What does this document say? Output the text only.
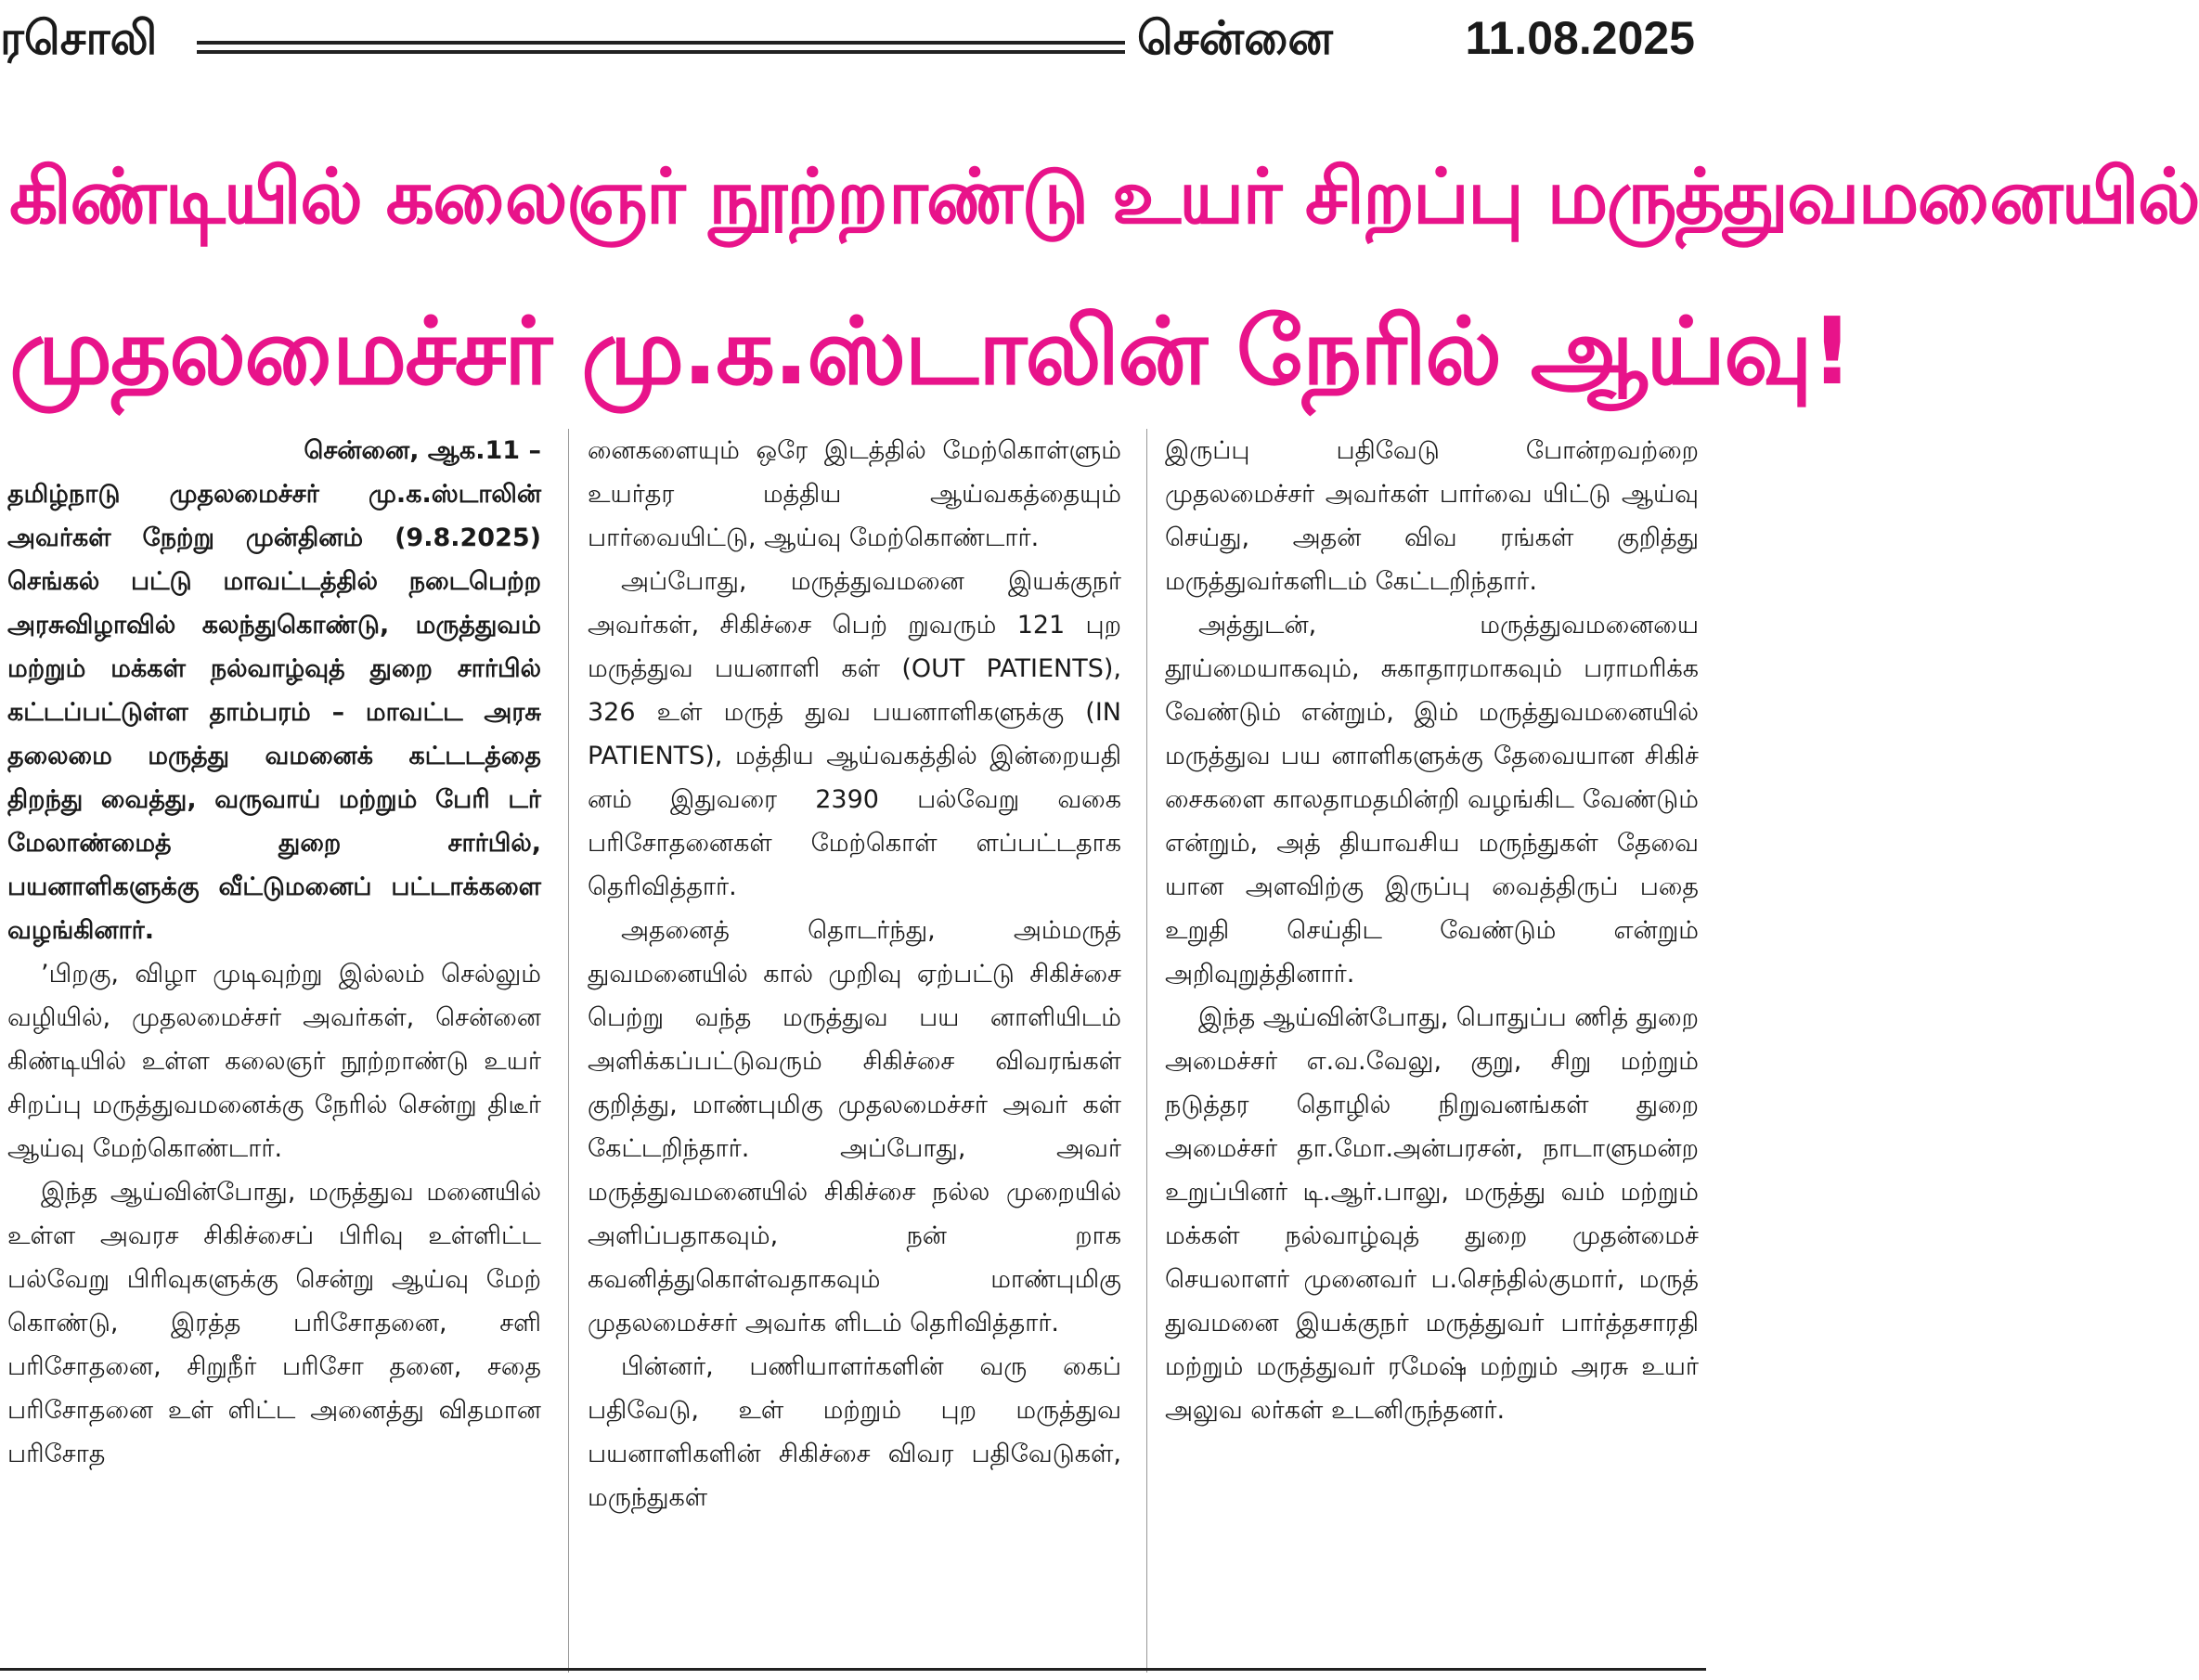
ரசொலி	சென்னை	11.08.2025
கிண்டியில் கலைஞர் நூற்றாண்டு உயர் சிறப்பு மருத்துவமனையில்
முதலமைச்சர் மு.க.ஸ்டாலின் நேரில் ஆய்வு!

சென்னை, ஆக.11 –
தமிழ்நாடு முதலமைச்சர் மு.க.ஸ்டாலின் அவர்கள் நேற்று முன்தினம் (9.8.2025) செங்கல் பட்டு மாவட்டத்தில் நடைபெற்ற அரசுவிழாவில் கலந்துகொண்டு, மருத்துவம் மற்றும் மக்கள் நல்வாழ்வுத் துறை சார்பில் கட்டப்பட்டுள்ள தாம்பரம் – மாவட்ட அரசு தலைமை மருத்து வமனைக் கட்டடத்தை திறந்து வைத்து, வருவாய் மற்றும் பேரி டர் மேலாண்மைத் துறை சார்பில், பயனாளிகளுக்கு வீட்டுமனைப் பட்டாக்களை வழங்கினார்.

’பிறகு, விழா முடிவுற்று இல்லம் செல்லும் வழியில், முதலமைச்சர் அவர்கள், சென்னை கிண்டியில் உள்ள கலைஞர் நூற்றாண்டு உயர் சிறப்பு மருத்துவமனைக்கு நேரில் சென்று திடீர் ஆய்வு மேற்கொண்டார்.

இந்த ஆய்வின்போது, மருத்துவ மனையில் உள்ள அவரச சிகிச்சைப் பிரிவு உள்ளிட்ட பல்வேறு பிரிவுகளுக்கு சென்று ஆய்வு மேற் கொண்டு, இரத்த பரிசோதனை, சளி பரிசோதனை, சிறுநீர் பரிசோ தனை, சதை பரிசோதனை உள் ளிட்ட அனைத்து விதமான பரிசோத

னைகளையும் ஒரே இடத்தில் மேற்கொள்ளும் உயர்தர மத்திய ஆய்வகத்தையும் பார்வையிட்டு, ஆய்வு மேற்கொண்டார்.

அப்போது, மருத்துவமனை இயக்குநர் அவர்கள், சிகிச்சை பெற் றுவரும் 121 புற மருத்துவ பயனாளி கள் (OUT PATIENTS), 326 உள் மருத் துவ பயனாளிகளுக்கு (IN PATIENTS), மத்திய ஆய்வகத்தில் இன்றையதி னம் இதுவரை 2390 பல்வேறு வகை பரிசோதனைகள் மேற்கொள் ளப்பட்டதாக தெரிவித்தார்.

அதனைத் தொடர்ந்து, அம்மருத் துவமனையில் கால் முறிவு ஏற்பட்டு சிகிச்சை பெற்று வந்த மருத்துவ பய னாளியிடம் அளிக்கப்பட்டுவரும் சிகிச்சை விவரங்கள் குறித்து, மாண்புமிகு முதலமைச்சர் அவர் கள் கேட்டறிந்தார். அப்போது, அவர் மருத்துவமனையில் சிகிச்சை நல்ல முறையில் அளிப்பதாகவும், நன் றாக கவனித்துகொள்வதாகவும் மாண்புமிகு முதலமைச்சர் அவர்க ளிடம் தெரிவித்தார்.

பின்னர், பணியாளர்களின் வரு கைப் பதிவேடு, உள் மற்றும் புற மருத்துவ பயனாளிகளின் சிகிச்சை விவர பதிவேடுகள், மருந்துகள்

இருப்பு பதிவேடு போன்றவற்றை முதலமைச்சர் அவர்கள் பார்வை யிட்டு ஆய்வு செய்து, அதன் விவ ரங்கள் குறித்து மருத்துவர்களிடம் கேட்டறிந்தார்.

அத்துடன், மருத்துவமனையை தூய்மையாகவும், சுகாதாரமாகவும் பராமரிக்க வேண்டும் என்றும், இம் மருத்துவமனையில் மருத்துவ பய னாளிகளுக்கு தேவையான சிகிச் சைகளை காலதாமதமின்றி வழங்கிட வேண்டும் என்றும், அத் தியாவசிய மருந்துகள் தேவை யான அளவிற்கு இருப்பு வைத்திருப் பதை உறுதி செய்திட வேண்டும் என்றும் அறிவுறுத்தினார்.

இந்த ஆய்வின்போது, பொதுப்ப ணித் துறை அமைச்சர் எ.வ.வேலு, குறு, சிறு மற்றும் நடுத்தர தொழில் நிறுவனங்கள் துறை அமைச்சர் தா.மோ.அன்பரசன், நாடாளுமன்ற உறுப்பினர் டி.ஆர்.பாலு, மருத்து வம் மற்றும் மக்கள் நல்வாழ்வுத் துறை முதன்மைச் செயலாளர் முனைவர் ப.செந்தில்குமார், மருத் துவமனை இயக்குநர் மருத்துவர் பார்த்தசாரதி மற்றும் மருத்துவர் ரமேஷ் மற்றும் அரசு உயர் அலுவ லர்கள் உடனிருந்தனர்.
